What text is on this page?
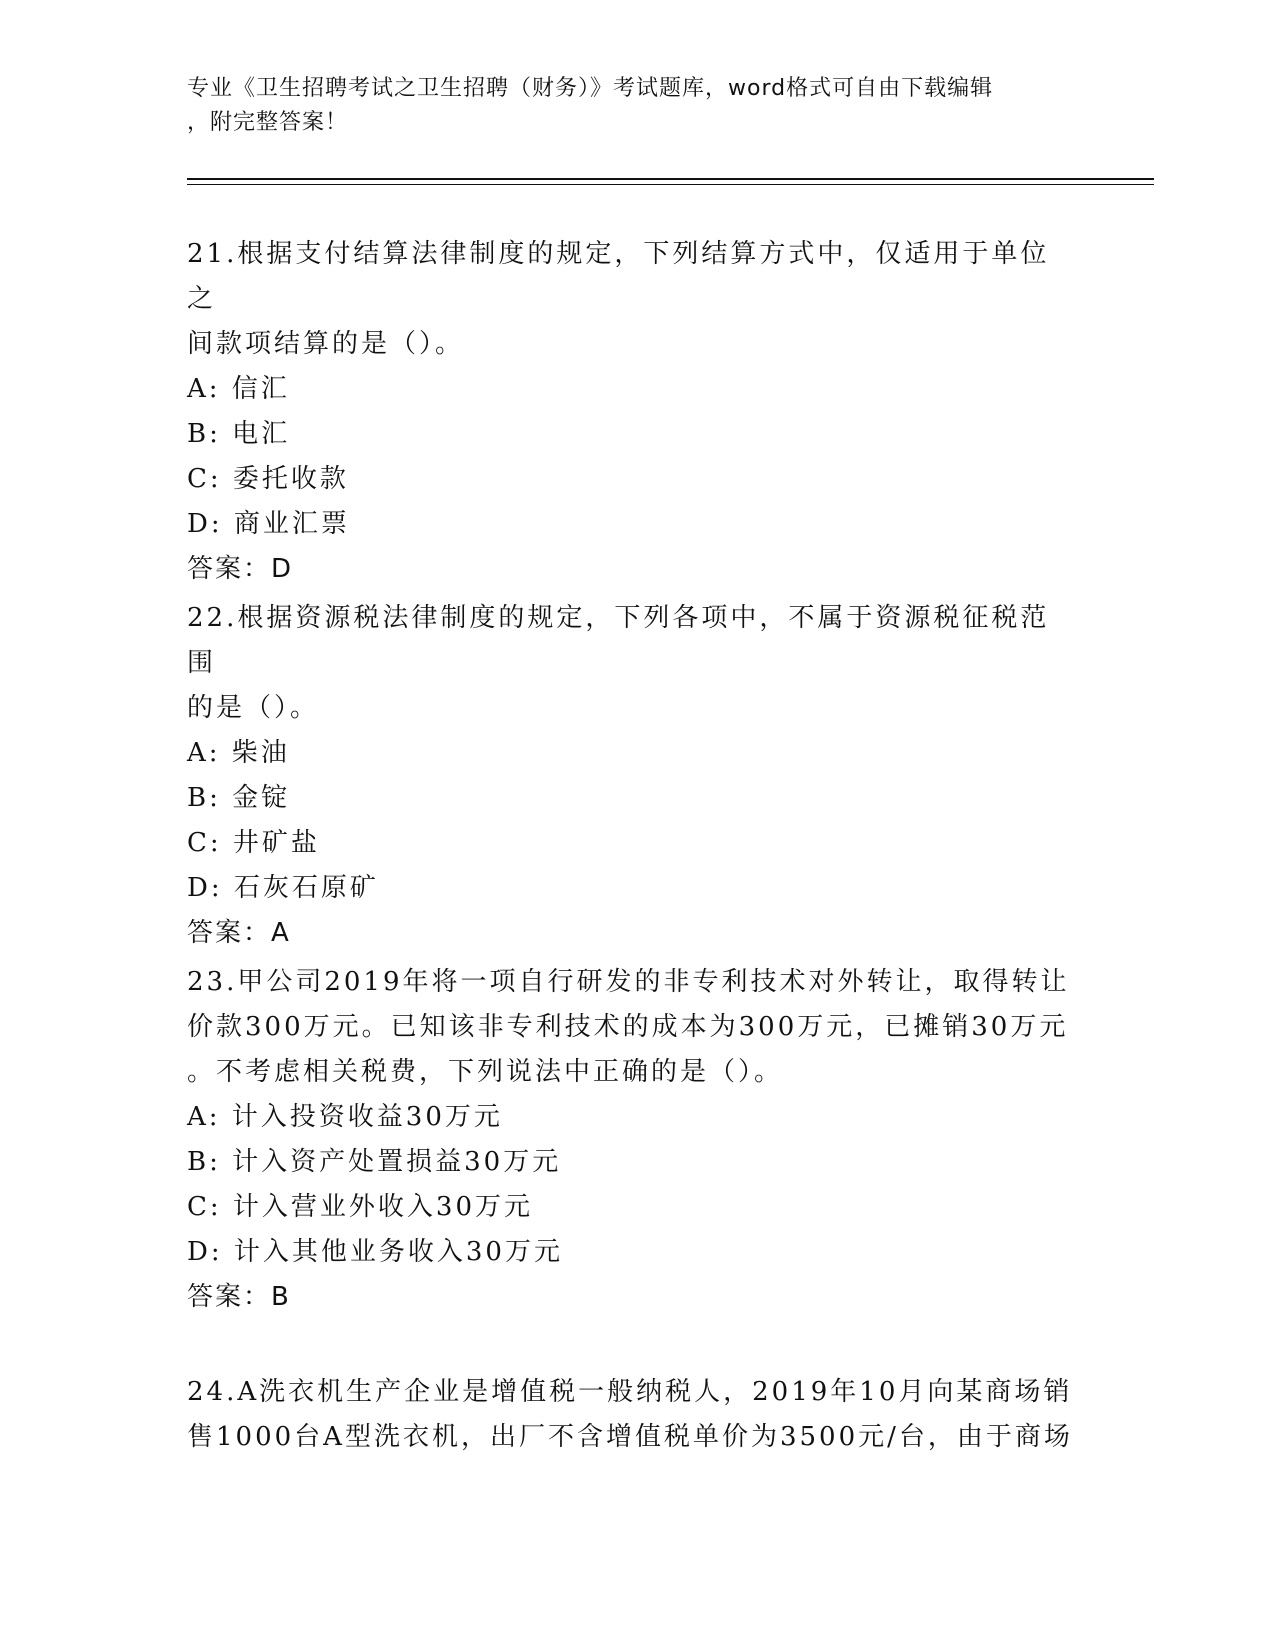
专业《卫生招聘考试之卫生招聘（财务）》考试题库，word格式可自由下载编辑
，附完整答案！
21.根据支付结算法律制度的规定，下列结算方式中，仅适用于单位之
间款项结算的是（）。
A: 信汇
B: 电汇
C: 委托收款
D: 商业汇票
答案：D
22.根据资源税法律制度的规定，下列各项中，不属于资源税征税范围
的是（）。
A: 柴油
B: 金锭
C: 井矿盐
D: 石灰石原矿
答案：A
23.甲公司2019年将一项自行研发的非专利技术对外转让，取得转让
价款300万元。已知该非专利技术的成本为300万元，已摊销30万元
。不考虑相关税费，下列说法中正确的是（）。
A: 计入投资收益30万元
B: 计入资产处置损益30万元
C: 计入营业外收入30万元
D: 计入其他业务收入30万元
答案：B
24.A洗衣机生产企业是增值税一般纳税人，2019年10月向某商场销
售1000台A型洗衣机，出厂不含增值税单价为3500元/台，由于商场
